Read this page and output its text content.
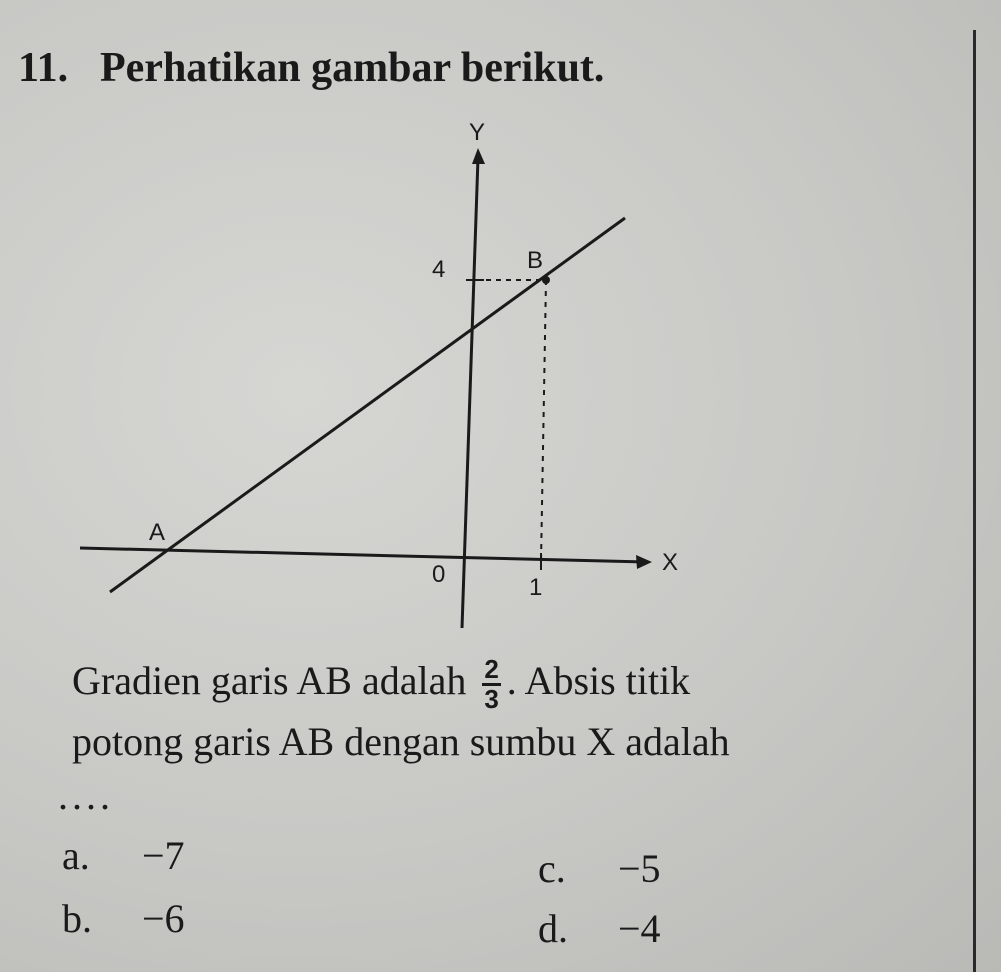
11. Perhatikan gambar berikut.
Y
X
0
4
1
A
B
Gradien garis AB adalah $\frac{2}{3}$ . Absis titik
potong garis AB dengan sumbu X adalah
....
a. −7
b. −6
c. −5
d. −4
